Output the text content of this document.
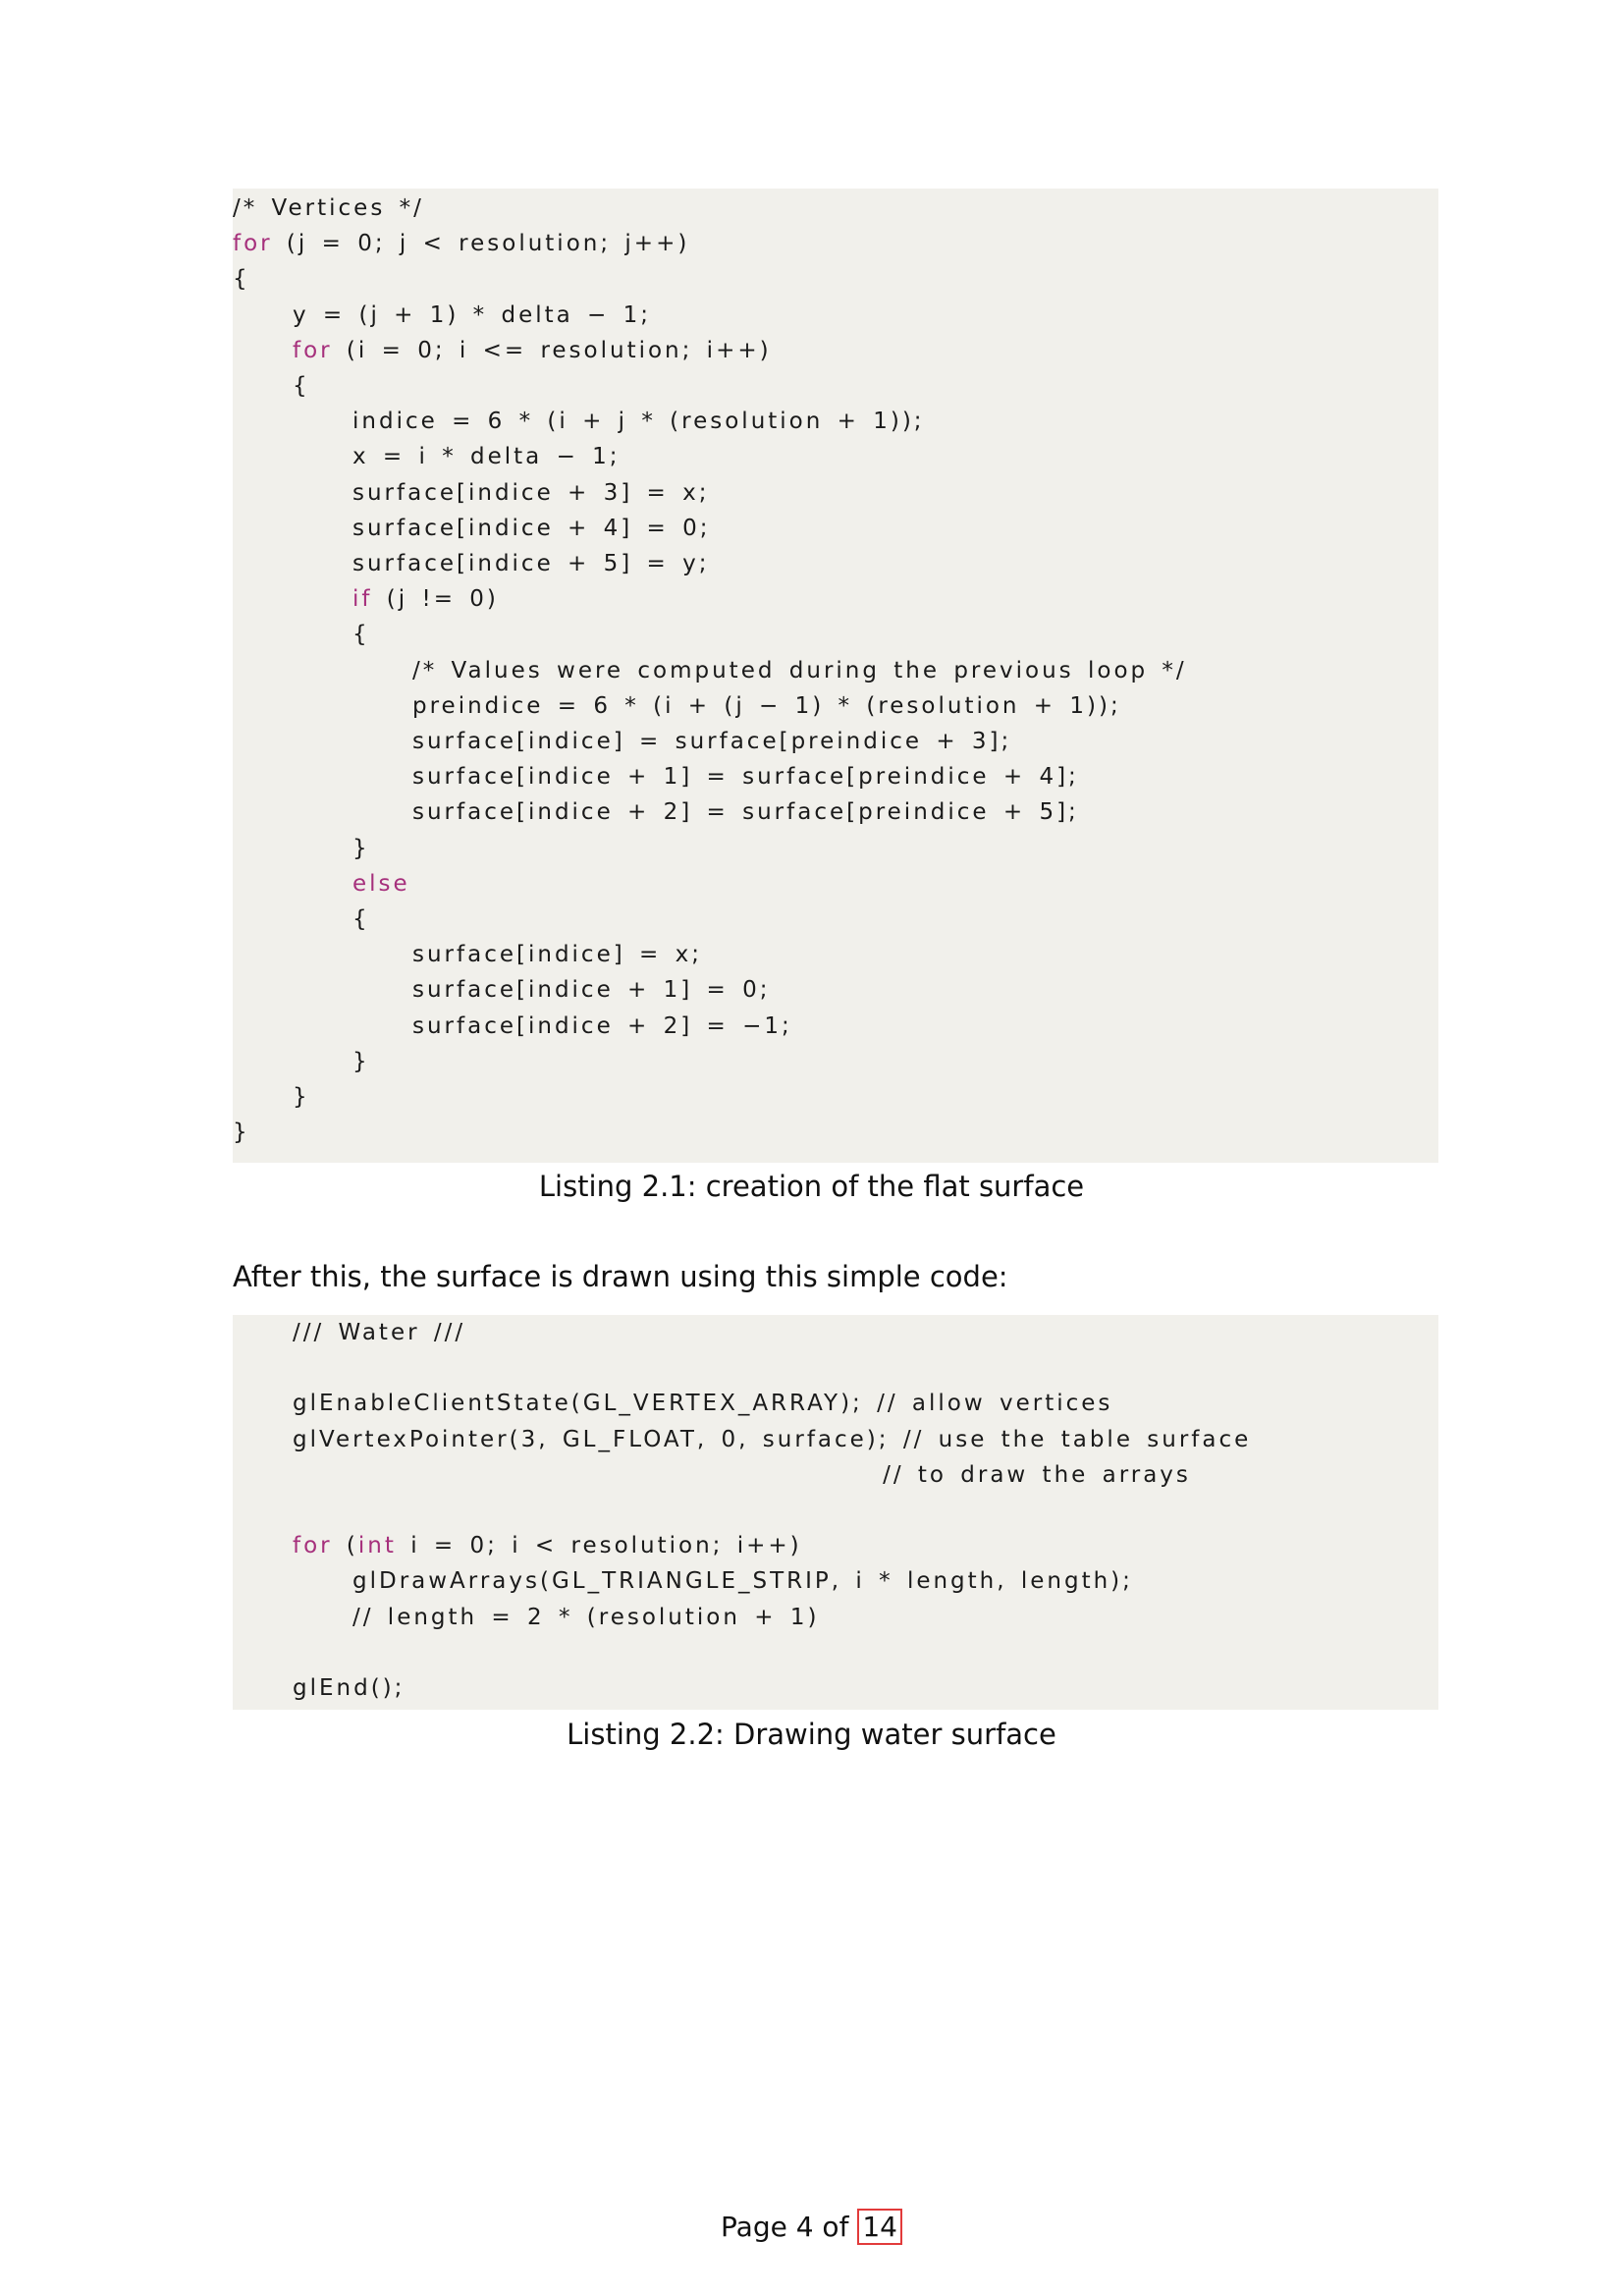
/* Vertices */
for (j = 0; j < resolution; j++)
{
y = (j + 1) * delta − 1;
for (i = 0; i <= resolution; i++)
{
indice = 6 * (i + j * (resolution + 1));
x = i * delta − 1;
surface[indice + 3] = x;
surface[indice + 4] = 0;
surface[indice + 5] = y;
if (j != 0)
{
/* Values were computed during the previous loop */
preindice = 6 * (i + (j − 1) * (resolution + 1));
surface[indice] = surface[preindice + 3];
surface[indice + 1] = surface[preindice + 4];
surface[indice + 2] = surface[preindice + 5];
}
else
{
surface[indice] = x;
surface[indice + 1] = 0;
surface[indice + 2] = −1;
}
}
}
Listing 2.1: creation of the flat surface
After this, the surface is drawn using this simple code:
/// Water ///
glEnableClientState(GL_VERTEX_ARRAY); // allow vertices
glVertexPointer(3, GL_FLOAT, 0, surface); // use the table surface
// to draw the arrays
for (int i = 0; i < resolution; i++)
glDrawArrays(GL_TRIANGLE_STRIP, i * length, length);
// length = 2 * (resolution + 1)
glEnd();
Listing 2.2: Drawing water surface
Page 4 of 14
